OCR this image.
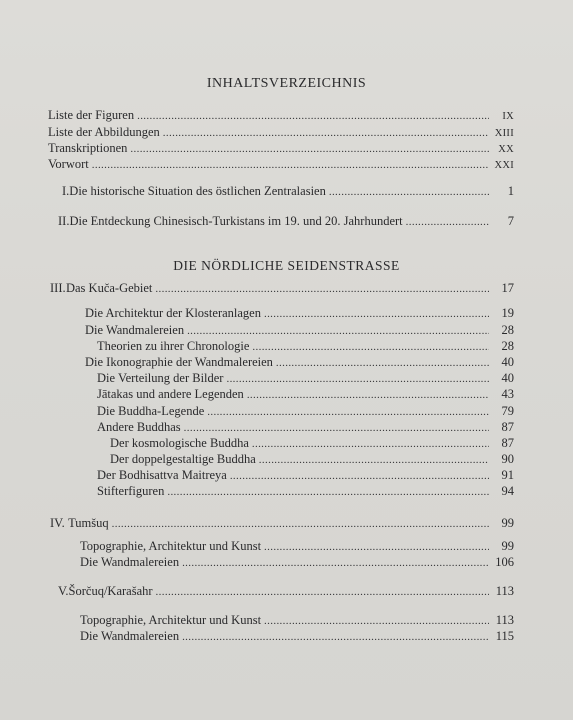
INHALTSVERZEICHNIS
Liste der Figuren . . .	IX
Liste der Abbildungen . . .	XIII
Transkriptionen . . .	XX
Vorwort . . .	XXI
I. Die historische Situation des östlichen Zentralasien . . .	1
II. Die Entdeckung Chinesisch-Turkistans im 19. und 20. Jahrhundert . . .	7
DIE NÖRDLICHE SEIDENSTRASSE
III. Das Kuča-Gebiet . . .	17
Die Architektur der Klosteranlagen . . .	19
Die Wandmalereien . . .	28
Theorien zu ihrer Chronologie . . .	28
Die Ikonographie der Wandmalereien . . .	40
Die Verteilung der Bilder . . .	40
Jātakas und andere Legenden . . .	43
Die Buddha-Legende . . .	79
Andere Buddhas . . .	87
Der kosmologische Buddha . . .	87
Der doppelgestaltige Buddha . . .	90
Der Bodhisattva Maitreya . . .	91
Stifterfiguren . . .	94
IV. Tumšuq . . .	99
Topographie, Architektur und Kunst . . .	99
Die Wandmalereien . . .	106
V. Šorčuq/Karašahr . . .	113
Topographie, Architektur und Kunst . . .	113
Die Wandmalereien . . .	115
